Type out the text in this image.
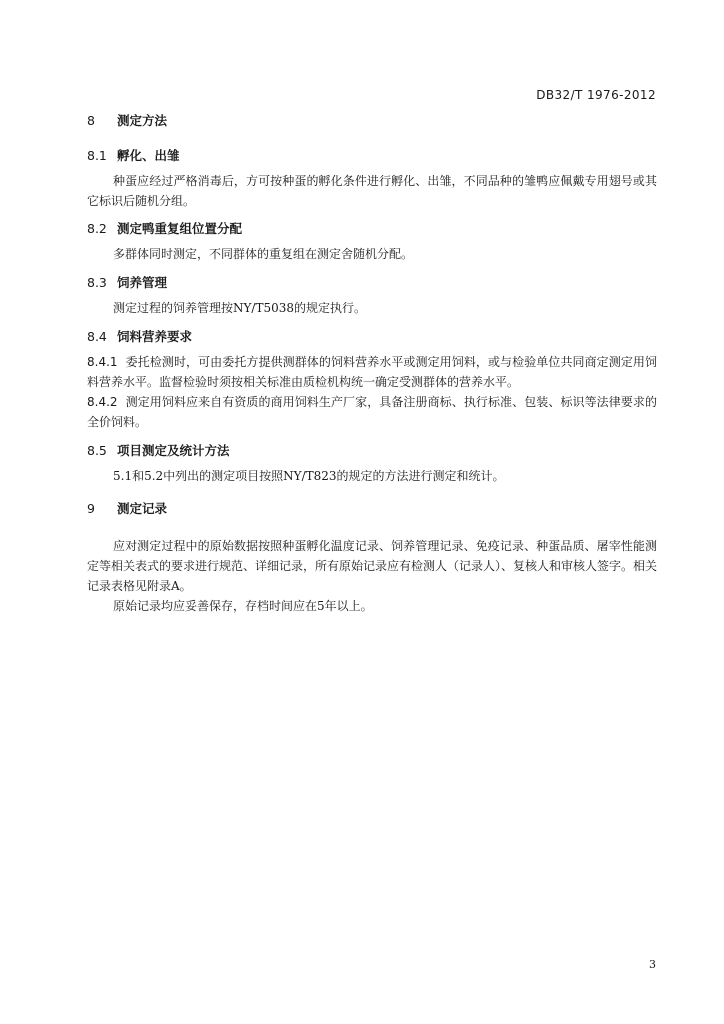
DB32/T 1976-2012
8 测定方法
8.1 孵化、出雏

种蛋应经过严格消毒后，方可按种蛋的孵化条件进行孵化、出雏，不同品种的雏鸭应佩戴专用翅号或其它标识后随机分组。

8.2 测定鸭重复组位置分配

多群体同时测定，不同群体的重复组在测定舍随机分配。

8.3 饲养管理

测定过程的饲养管理按NY/T5038的规定执行。

8.4 饲料营养要求

8.4.1 委托检测时，可由委托方提供测群体的饲料营养水平或测定用饲料，或与检验单位共同商定测定用饲料营养水平。监督检验时须按相关标准由质检机构统一确定受测群体的营养水平。

8.4.2 测定用饲料应来自有资质的商用饲料生产厂家，具备注册商标、执行标准、包装、标识等法律要求的全价饲料。

8.5 项目测定及统计方法

5.1和5.2中列出的测定项目按照NY/T823的规定的方法进行测定和统计。

9 测定记录

应对测定过程中的原始数据按照种蛋孵化温度记录、饲养管理记录、免疫记录、种蛋品质、屠宰性能测定等相关表式的要求进行规范、详细记录，所有原始记录应有检测人（记录人）、复核人和审核人签字。相关记录表格见附录A。

原始记录均应妥善保存，存档时间应在5年以上。

3
